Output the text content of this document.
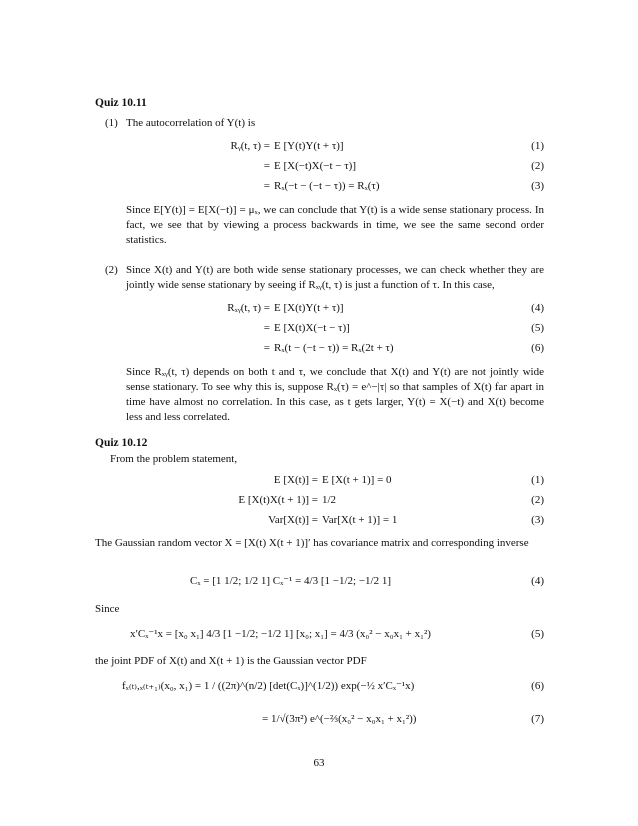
Quiz 10.11
(1) The autocorrelation of Y(t) is
Rᵧ(t, τ) = E [Y(t)Y(t + τ)]	(1)
= E [X(−t)X(−t − τ)]	(2)
= Rₓ(−t − (−t − τ)) = Rₓ(τ)	(3)
Since E[Y(t)] = E[X(−t)] = μₓ, we can conclude that Y(t) is a wide sense stationary process. In fact, we see that by viewing a process backwards in time, we see the same second order statistics.
(2) Since X(t) and Y(t) are both wide sense stationary processes, we can check whether they are jointly wide sense stationary by seeing if Rₓᵧ(t, τ) is just a function of τ. In this case,
Rₓᵧ(t, τ) = E [X(t)Y(t + τ)]	(4)
= E [X(t)X(−t − τ)]	(5)
= Rₓ(t − (−t − τ)) = Rₓ(2t + τ)	(6)
Since Rₓᵧ(t, τ) depends on both t and τ, we conclude that X(t) and Y(t) are not jointly wide sense stationary. To see why this is, suppose Rₓ(τ) = e^−|τ| so that samples of X(t) far apart in time have almost no correlation. In this case, as t gets larger, Y(t) = X(−t) and X(t) become less and less correlated.
Quiz 10.12
From the problem statement,
E [X(t)] = E [X(t + 1)] = 0	(1)
E [X(t)X(t + 1)] = 1/2	(2)
Var[X(t)] = Var[X(t + 1)] = 1	(3)
The Gaussian random vector X = [X(t) X(t + 1)]′ has covariance matrix and corresponding inverse
Cₓ = [1 1/2; 1/2 1] Cₓ⁻¹ = 4/3 [1 −1/2; −1/2 1]	(4)
Since
x′Cₓ⁻¹x = [x₀ x₁] 4/3 [1 −1/2; −1/2 1] [x₀; x₁] = 4/3 (x₀² − x₀x₁ + x₁²)	(5)
the joint PDF of X(t) and X(t + 1) is the Gaussian vector PDF
fₓ₍ₜ₎,ₓ₍ₜ₊₁₎(x₀, x₁) = 1 / ((2π)^(n/2) [det(Cₓ)]^(1/2)) exp(−½ x′Cₓ⁻¹x)	(6)
= 1/√(3π²) e^(−⅔(x₀² − x₀x₁ + x₁²))	(7)
63
